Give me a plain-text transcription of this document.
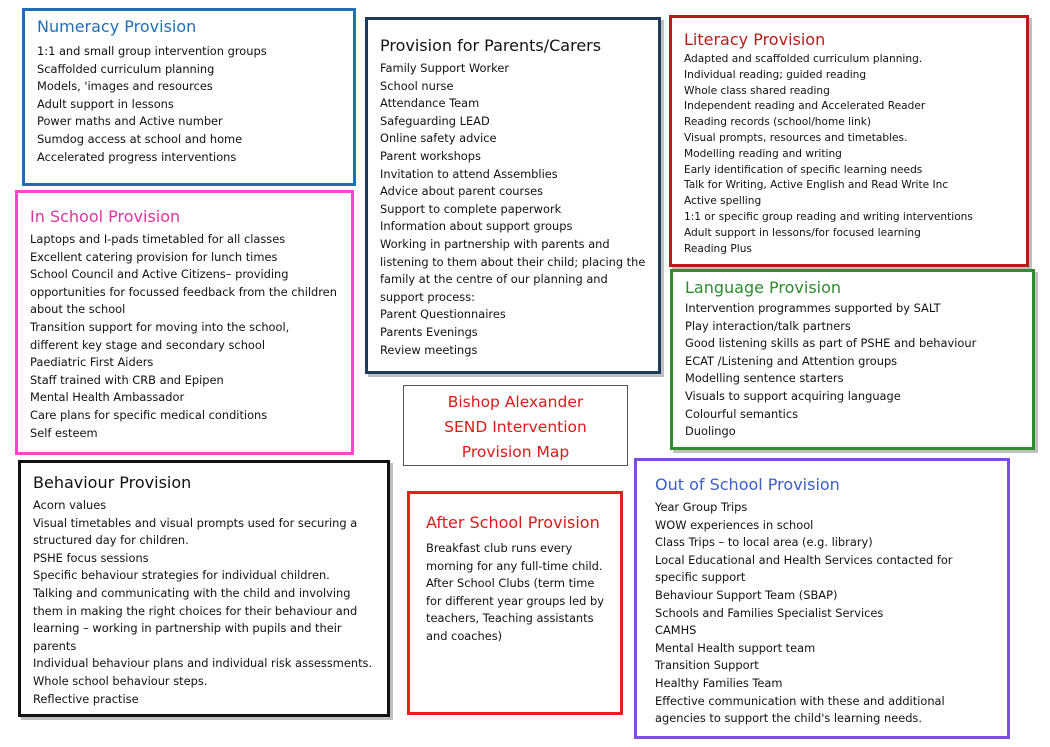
Numeracy Provision
1:1 and small group intervention groups
Scaffolded curriculum planning
Models, 'images and resources
Adult support in lessons
Power maths and Active number
Sumdog access at school and home
Accelerated progress interventions
Provision for Parents/Carers
Family Support Worker
School nurse
Attendance Team
Safeguarding LEAD
Online safety advice
Parent workshops
Invitation to attend Assemblies
Advice about parent courses
Support to complete paperwork
Information about support groups
Working in partnership with parents and listening to them about their child; placing the family at the centre of our planning and support process:
Parent Questionnaires
Parents Evenings
Review meetings
Literacy Provision
Adapted and scaffolded curriculum planning.
Individual reading; guided reading
Whole class shared reading
Independent reading and Accelerated Reader
Reading records (school/home link)
Visual prompts, resources and timetables.
Modelling reading and writing
Early identification of specific learning needs
Talk for Writing, Active English and Read Write Inc
Active spelling
1:1 or specific group reading and writing interventions
Adult support in lessons/for focused learning
Reading Plus
In School Provision
Laptops and I-pads timetabled for all classes
Excellent catering provision for lunch times
School Council and Active Citizens– providing opportunities for focussed feedback from the children about the school
Transition support for moving into the school, different key stage and secondary school
Paediatric First Aiders
Staff trained with CRB and Epipen
Mental Health Ambassador
Care plans for specific medical conditions
Self esteem
Language Provision
Intervention programmes supported by SALT
Play interaction/talk partners
Good listening skills as part of PSHE and behaviour
ECAT /Listening and Attention groups
Modelling sentence starters
Visuals to support acquiring language
Colourful semantics
Duolingo
Bishop Alexander
SEND Intervention
Provision Map
Behaviour Provision
Acorn values
Visual timetables and visual prompts used for securing a structured day for children.
PSHE focus sessions
Specific behaviour strategies for individual children.
Talking and communicating with the child and involving them in making the right choices for their behaviour and learning – working in partnership with pupils and their parents
Individual behaviour plans and individual risk assessments.
Whole school behaviour steps.
Reflective practise
After School Provision

Breakfast club runs every morning for any full-time child. After School Clubs (term time for different year groups led by teachers, Teaching assistants and coaches)

Out of School Provision
Year Group Trips
WOW experiences in school
Class Trips – to local area (e.g. library)
Local Educational and Health Services contacted for specific support
Behaviour Support Team (SBAP)
Schools and Families Specialist Services
CAMHS
Mental Health support team
Transition Support
Healthy Families Team
Effective communication with these and additional agencies to support the child's learning needs.
